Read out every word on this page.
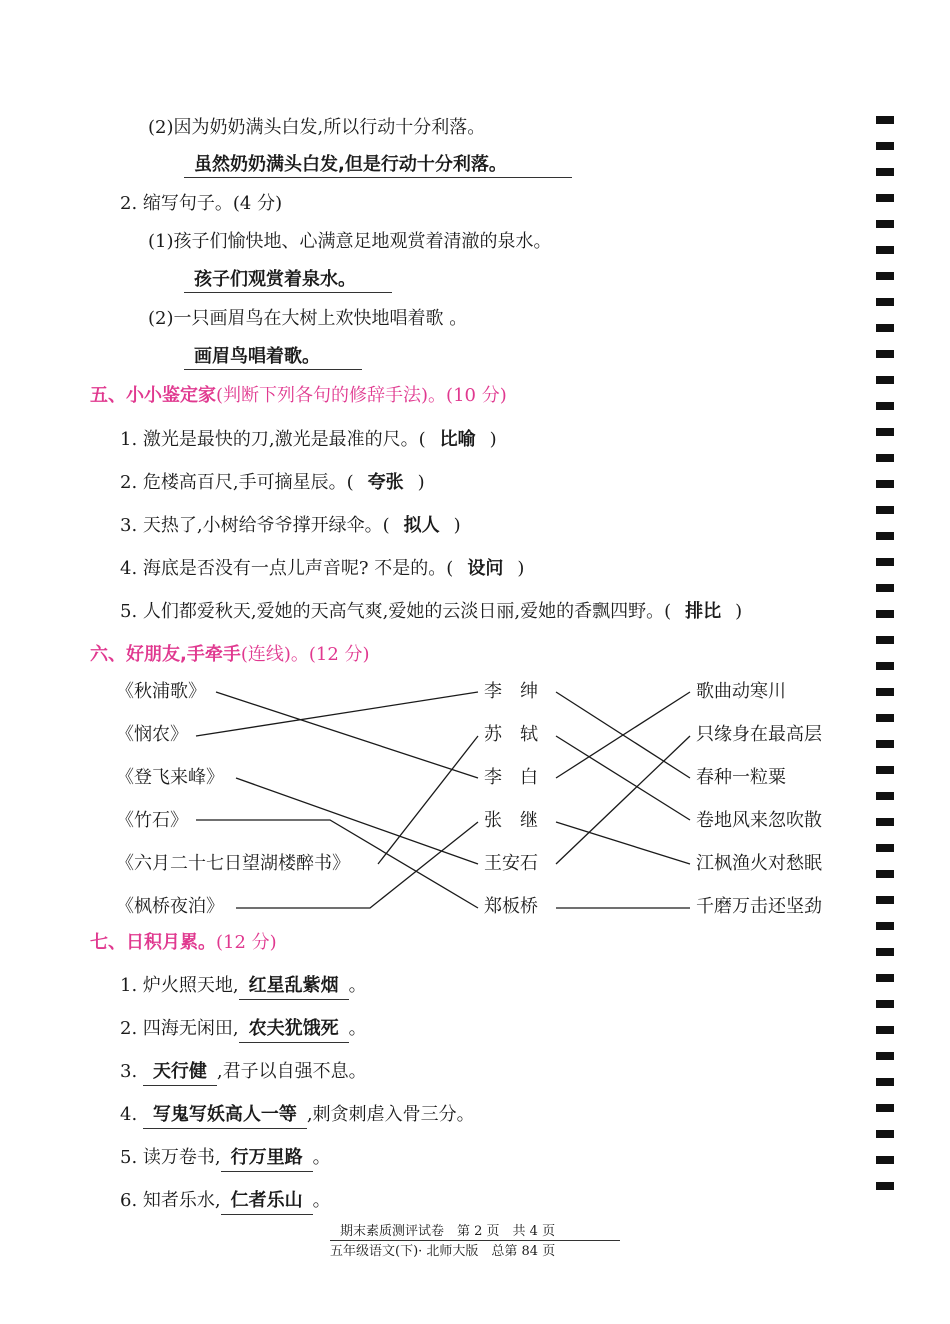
(2)因为奶奶满头白发,所以行动十分利落。
虽然奶奶满头白发,但是行动十分利落。
2. 缩写句子。(4 分)
(1)孩子们愉快地、心满意足地观赏着清澈的泉水。
孩子们观赏着泉水。
(2)一只画眉鸟在大树上欢快地唱着歌 。
画眉鸟唱着歌。
五、小小鉴定家(判断下列各句的修辞手法)。(10 分)
1. 激光是最快的刀,激光是最准的尺。( 比喻 )
2. 危楼高百尺,手可摘星辰。( 夸张 )
3. 天热了,小树给爷爷撑开绿伞。( 拟人 )
4. 海底是否没有一点儿声音呢? 不是的。( 设问 )
5. 人们都爱秋天,爱她的天高气爽,爱她的云淡日丽,爱她的香飘四野。( 排比 )
六、好朋友,手牵手(连线)。(12 分)
《秋浦歌》
《悯农》
《登飞来峰》
《竹石》
《六月二十七日望湖楼醉书》
《枫桥夜泊》
李　绅
苏　轼
李　白
张　继
王安石
郑板桥
歌曲动寒川
只缘身在最高层
春种一粒粟
卷地风来忽吹散
江枫渔火对愁眠
千磨万击还坚劲
七、日积月累。(12 分)
1. 炉火照天地, 红星乱紫烟 。
2. 四海无闲田, 农夫犹饿死 。
3. 天行健 ,君子以自强不息。
4. 写鬼写妖高人一等 ,刺贪刺虐入骨三分。
5. 读万卷书, 行万里路 。
6. 知者乐水, 仁者乐山 。
期末素质测评试卷　第 2 页　共 4 页
五年级语文(下)· 北师大版　总第 84 页
